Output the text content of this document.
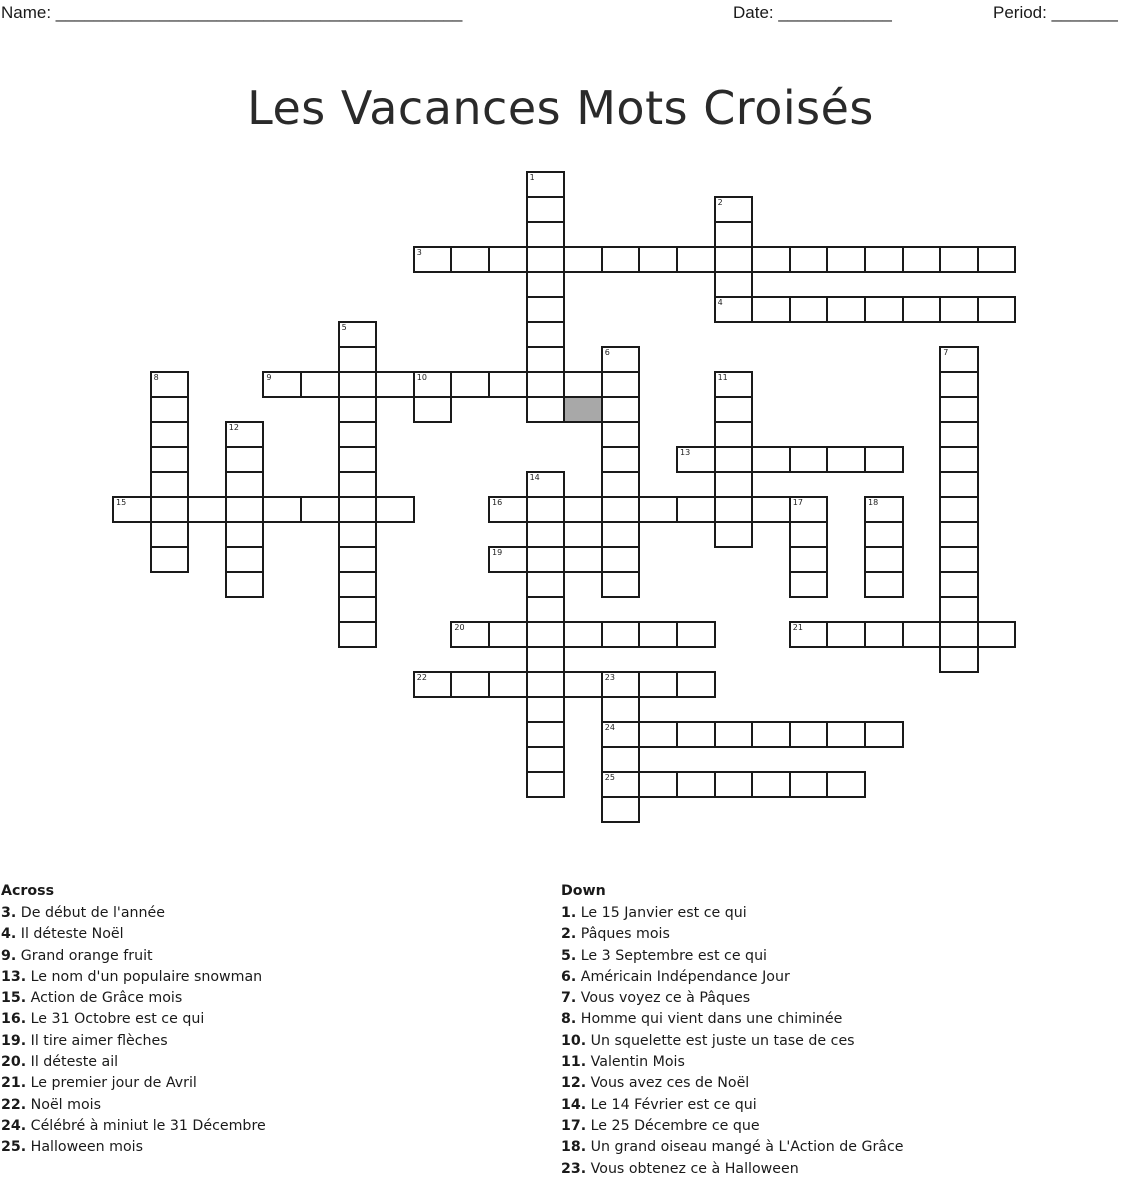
Name: ___________________________________________	Date: ____________	Period: _______
Les Vacances Mots Croisés
1
2
4
3
5
6	7
8	9	10	11
12
13
14
15	16	17	18
19
20	21
22	23
24
25
Across
3. De début de l'année
4. Il déteste Noël
9. Grand orange fruit
13. Le nom d'un populaire snowman
15. Action de Grâce mois
16. Le 31 Octobre est ce qui
19. Il tire aimer flèches
20. Il déteste ail
21. Le premier jour de Avril
22. Noël mois
24. Célébré à miniut le 31 Décembre
25. Halloween mois
Down
1. Le 15 Janvier est ce qui
2. Pâques mois
5. Le 3 Septembre est ce qui
6. Américain Indépendance Jour
7. Vous voyez ce à Pâques
8. Homme qui vient dans une chiminée
10. Un squelette est juste un tase de ces
11. Valentin Mois
12. Vous avez ces de Noël
14. Le 14 Février est ce qui
17. Le 25 Décembre ce que
18. Un grand oiseau mangé à L'Action de Grâce
23. Vous obtenez ce à Halloween
